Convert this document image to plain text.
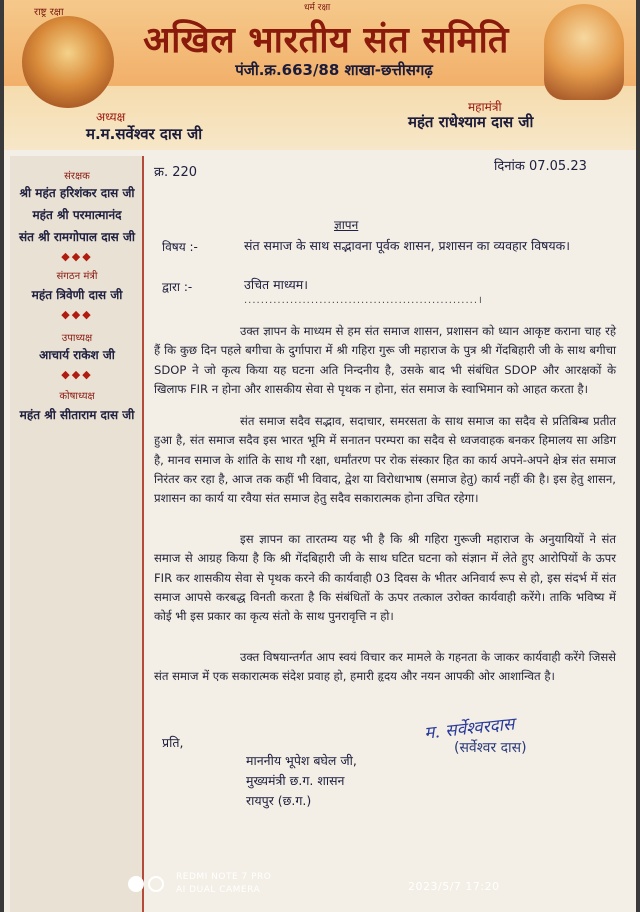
राष्ट्र रक्षा	धर्म रक्षा
अखिल भारतीय संत समिति
पंजी.क्र.663/88 शाखा-छत्तीसगढ़
अध्यक्ष
म.म.सर्वेश्वर दास जी
महामंत्री
महंत राधेश्याम दास जी
संरक्षक
श्री महंत हरिशंकर दास जी
महंत श्री परमात्मानंद
संत श्री रामगोपाल दास जी
◆◆◆
संगठन मंत्री
महंत त्रिवेणी दास जी
◆◆◆
उपाध्यक्ष
आचार्य राकेश जी
◆◆◆
कोषाध्यक्ष
महंत श्री सीताराम दास जी
क्र. 220	दिनांक 07.05.23
ज्ञापन
विषय :-	संत समाज के साथ सद्भावना पूर्वक शासन, प्रशासन का व्यवहार विषयक।
द्वारा :-	उचित माध्यम।
........................................................।
उक्त ज्ञापन के माध्यम से हम संत समाज शासन, प्रशासन को ध्यान आकृष्ट कराना चाह रहे हैं कि कुछ दिन पहले बगीचा के दुर्गापारा में श्री गहिरा गुरू जी महाराज के पुत्र श्री गेंदबिहारी जी के साथ बगीचा SDOP ने जो कृत्य किया यह घटना अति निन्दनीय है, उसके बाद भी संबंधित SDOP और आरक्षकों के खिलाफ FIR न होना और शासकीय सेवा से पृथक न होना, संत समाज के स्वाभिमान को आहत करता है।
संत समाज सदैव सद्भाव, सदाचार, समरसता के साथ समाज का सदैव से प्रतिबिम्ब प्रतीत हुआ है, संत समाज सदैव इस भारत भूमि में सनातन परम्परा का सदैव से ध्वजवाहक बनकर हिमालय सा अडिग है, मानव समाज के शांति के साथ गौ रक्षा, धर्मांतरण पर रोक संस्कार हित का कार्य अपने-अपने क्षेत्र संत समाज निरंतर कर रहा है, आज तक कहीं भी विवाद, द्वेश या विरोधाभाष (समाज हेतु) कार्य नहीं की है। इस हेतु शासन, प्रशासन का कार्य या रवैया संत समाज हेतु सदैव सकारात्मक होना उचित रहेगा।
इस ज्ञापन का तारतम्य यह भी है कि श्री गहिरा गुरूजी महाराज के अनुयायियों ने संत समाज से आग्रह किया है कि श्री गेंदबिहारी जी के साथ घटित घटना को संज्ञान में लेते हुए आरोपियों के ऊपर FIR कर शासकीय सेवा से पृथक करने की कार्यवाही 03 दिवस के भीतर अनिवार्य रूप से हो, इस संदर्भ में संत समाज आपसे करबद्ध विनती करता है कि संबंधितों के ऊपर तत्काल उरोक्त कार्यवाही करेंगे। ताकि भविष्य में कोई भी इस प्रकार का कृत्य संतो के साथ पुनरावृत्ति न हो।
उक्त विषयान्तर्गत आप स्वयं विचार कर मामले के गहनता के जाकर कार्यवाही करेंगे जिससे संत समाज में एक सकारात्मक संदेश प्रवाह हो, हमारी हृदय और नयन आपकी ओर आशान्वित है।
प्रति,
माननीय भूपेश बघेल जी,
मुख्यमंत्री छ.ग. शासन
रायपुर (छ.ग.)
म. सर्वेश्वरदास
(सर्वेश्वर दास)
REDMI NOTE 7 PRO
AI DUAL CAMERA	2023/5/7 17:20
